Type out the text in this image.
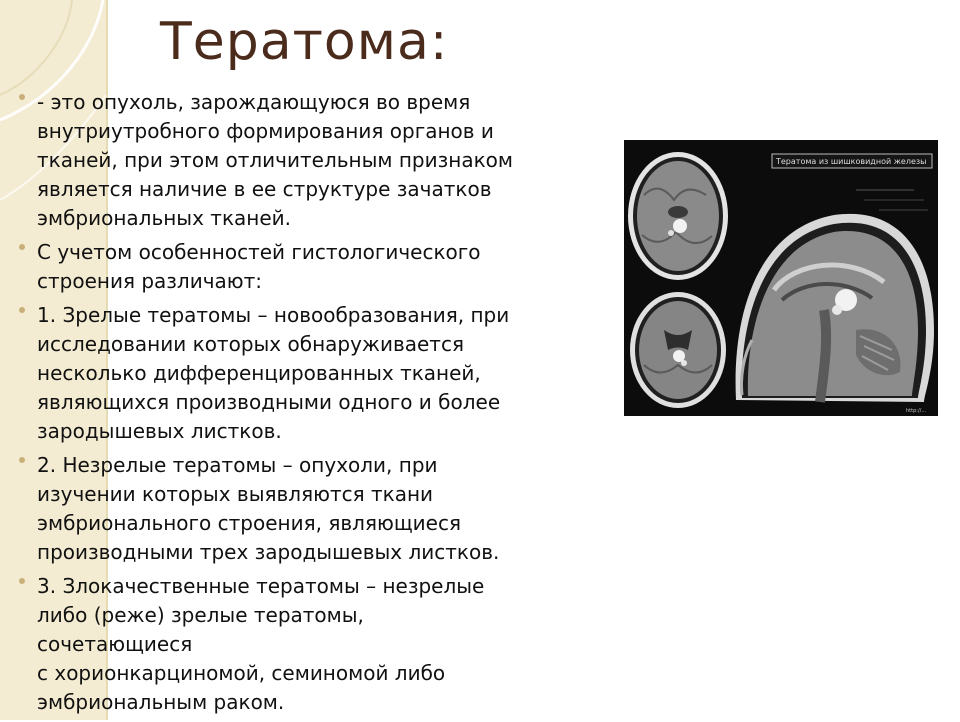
Тератома:
- это опухоль, зарождающуюся во время
внутриутробного формирования органов и
тканей, при этом отличительным признаком
является наличие в ее структуре зачатков
эмбриональных тканей.
С учетом особенностей гистологического
строения различают:
1. Зрелые тератомы – новообразования, при
исследовании которых обнаруживается
несколько дифференцированных тканей,
являющихся производными одного и более
зародышевых листков.
2. Незрелые тератомы – опухоли, при
изучении которых выявляются ткани
эмбрионального строения, являющиеся
производными трех зародышевых листков.
3. Злокачественные тератомы – незрелые
либо (реже) зрелые тератомы,
сочетающиеся
с хорионкарциномой, семиномой либо
эмбриональным раком.
Тератома из шишковидной железы
http://...
